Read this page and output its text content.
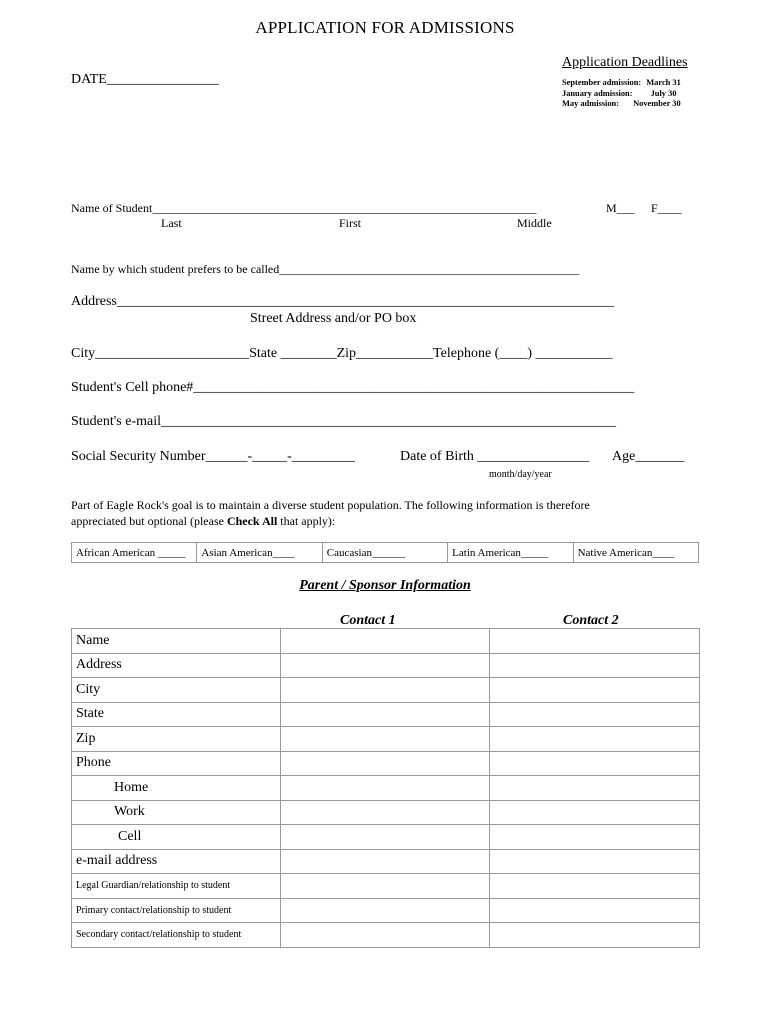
APPLICATION FOR ADMISSIONS
DATE________________
Application Deadlines
September admission: March 31
January admission: July 30
May admission: November 30
Name of Student________________________________________________________________	M___ F____
Last	First	Middle
Name by which student prefers to be called__________________________________________________
Address_______________________________________________________________________
Street Address and/or PO box
City______________________State ________Zip___________Telephone (____) ___________
Student's Cell phone#_______________________________________________________________
Student's e-mail_________________________________________________________________
Social Security Number______-_____-_________	Date of Birth ________________ Age_______
month/day/year
Part of Eagle Rock's goal is to maintain a diverse student population. The following information is therefore
appreciated but optional (please Check All that apply):
African American _____	Asian American____	Caucasian______	Latin American_____	Native American____
Parent / Sponsor Information
Contact 1	Contact 2
Name		
Address		
City		
State		
Zip		
Phone		
Home		
Work		
Cell		
e-mail address		
Legal Guardian/relationship to student		
Primary contact/relationship to student		
Secondary contact/relationship to student		
